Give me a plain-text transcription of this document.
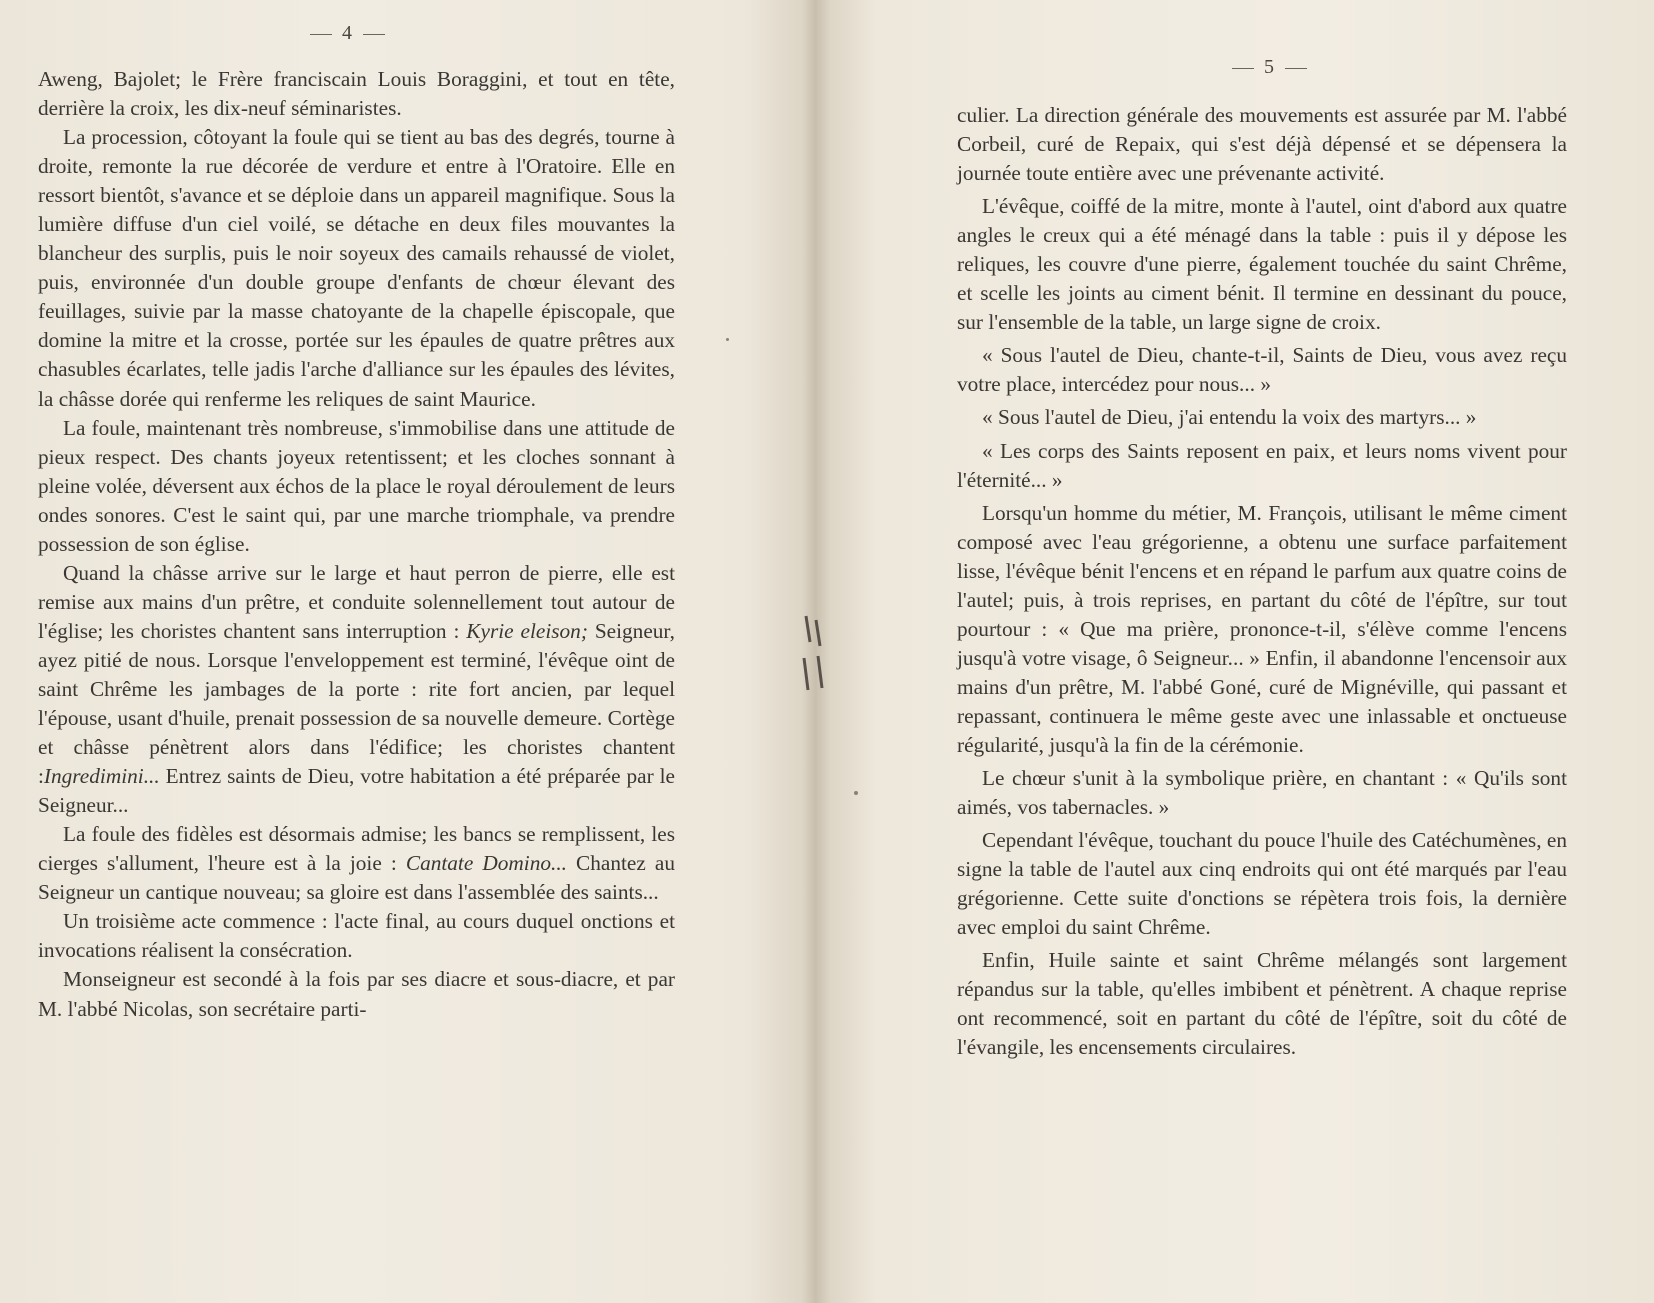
4

Aweng, Bajolet; le Frère franciscain Louis Boraggini, et tout en tête, derrière la croix, les dix-neuf séminaristes.

La procession, côtoyant la foule qui se tient au bas des degrés, tourne à droite, remonte la rue décorée de verdure et entre à l'Oratoire. Elle en ressort bientôt, s'avance et se déploie dans un appareil magnifique. Sous la lumière diffuse d'un ciel voilé, se détache en deux files mouvantes la blancheur des surplis, puis le noir soyeux des camails rehaussé de violet, puis, environnée d'un double groupe d'enfants de chœur élevant des feuillages, suivie par la masse chatoyante de la chapelle épiscopale, que domine la mitre et la crosse, portée sur les épaules de quatre prêtres aux chasubles écarlates, telle jadis l'arche d'alliance sur les épaules des lévites, la châsse dorée qui renferme les reliques de saint Maurice.

La foule, maintenant très nombreuse, s'immobilise dans une attitude de pieux respect. Des chants joyeux retentissent; et les cloches sonnant à pleine volée, déversent aux échos de la place le royal déroulement de leurs ondes sonores. C'est le saint qui, par une marche triomphale, va prendre possession de son église.

Quand la châsse arrive sur le large et haut perron de pierre, elle est remise aux mains d'un prêtre, et conduite solennellement tout autour de l'église; les choristes chantent sans interruption : Kyrie eleison; Seigneur, ayez pitié de nous. Lorsque l'enveloppement est terminé, l'évêque oint de saint Chrême les jambages de la porte : rite fort ancien, par lequel l'épouse, usant d'huile, prenait possession de sa nouvelle demeure. Cortège et châsse pénètrent alors dans l'édifice; les choristes chantent :Ingredimini... Entrez saints de Dieu, votre habitation a été préparée par le Seigneur...

La foule des fidèles est désormais admise; les bancs se remplissent, les cierges s'allument, l'heure est à la joie : Cantate Domino... Chantez au Seigneur un cantique nouveau; sa gloire est dans l'assemblée des saints...

Un troisième acte commence : l'acte final, au cours duquel onctions et invocations réalisent la consécration.

Monseigneur est secondé à la fois par ses diacre et sous-diacre, et par M. l'abbé Nicolas, son secrétaire parti-

5

culier. La direction générale des mouvements est assurée par M. l'abbé Corbeil, curé de Repaix, qui s'est déjà dépensé et se dépensera la journée toute entière avec une prévenante activité.

L'évêque, coiffé de la mitre, monte à l'autel, oint d'abord aux quatre angles le creux qui a été ménagé dans la table : puis il y dépose les reliques, les couvre d'une pierre, également touchée du saint Chrême, et scelle les joints au ciment bénit. Il termine en dessinant du pouce, sur l'ensemble de la table, un large signe de croix.

« Sous l'autel de Dieu, chante-t-il, Saints de Dieu, vous avez reçu votre place, intercédez pour nous... »

« Sous l'autel de Dieu, j'ai entendu la voix des martyrs... »

« Les corps des Saints reposent en paix, et leurs noms vivent pour l'éternité... »

Lorsqu'un homme du métier, M. François, utilisant le même ciment composé avec l'eau grégorienne, a obtenu une surface parfaitement lisse, l'évêque bénit l'encens et en répand le parfum aux quatre coins de l'autel; puis, à trois reprises, en partant du côté de l'épître, sur tout pourtour : « Que ma prière, prononce-t-il, s'élève comme l'encens jusqu'à votre visage, ô Seigneur... » Enfin, il abandonne l'encensoir aux mains d'un prêtre, M. l'abbé Goné, curé de Mignéville, qui passant et repassant, continuera le même geste avec une inlassable et onctueuse régularité, jusqu'à la fin de la cérémonie.

Le chœur s'unit à la symbolique prière, en chantant : « Qu'ils sont aimés, vos tabernacles. »

Cependant l'évêque, touchant du pouce l'huile des Catéchumènes, en signe la table de l'autel aux cinq endroits qui ont été marqués par l'eau grégorienne. Cette suite d'onctions se répètera trois fois, la dernière avec emploi du saint Chrême.

Enfin, Huile sainte et saint Chrême mélangés sont largement répandus sur la table, qu'elles imbibent et pénètrent. A chaque reprise ont recommencé, soit en partant du côté de l'épître, soit du côté de l'évangile, les encensements circulaires.
